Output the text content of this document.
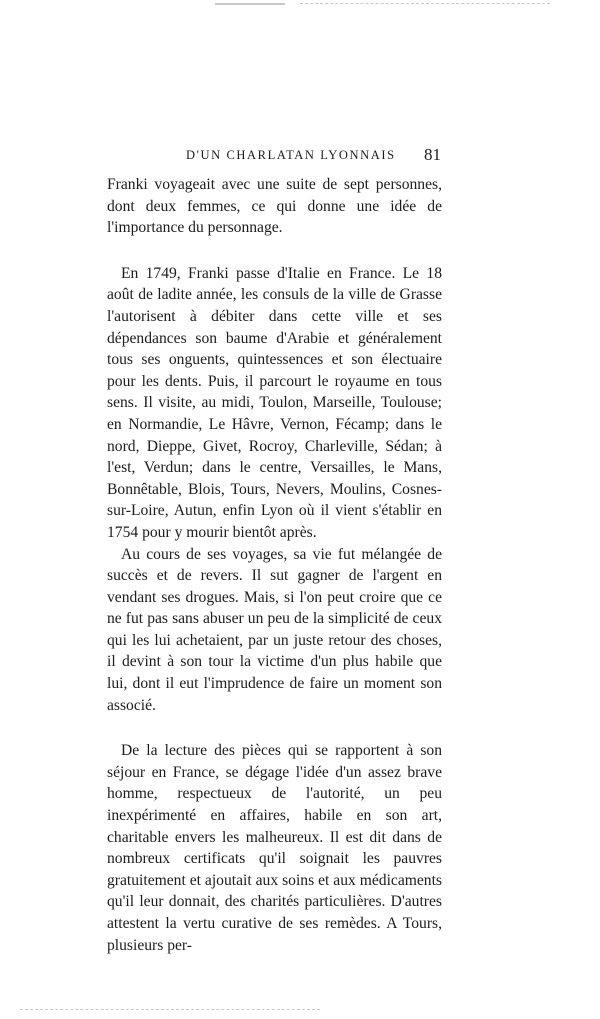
D'UN CHARLATAN LYONNAIS 81

Franki voyageait avec une suite de sept personnes, dont deux femmes, ce qui donne une idée de l'importance du personnage.

En 1749, Franki passe d'Italie en France. Le 18 août de ladite année, les consuls de la ville de Grasse l'autorisent à débiter dans cette ville et ses dépendances son baume d'Arabie et généralement tous ses onguents, quintessences et son électuaire pour les dents. Puis, il parcourt le royaume en tous sens. Il visite, au midi, Toulon, Marseille, Toulouse; en Normandie, Le Hâvre, Vernon, Fécamp; dans le nord, Dieppe, Givet, Rocroy, Charleville, Sédan; à l'est, Verdun; dans le centre, Versailles, le Mans, Bonnêtable, Blois, Tours, Nevers, Moulins, Cosnes-sur-Loire, Autun, enfin Lyon où il vient s'établir en 1754 pour y mourir bientôt après.

Au cours de ses voyages, sa vie fut mélangée de succès et de revers. Il sut gagner de l'argent en vendant ses drogues. Mais, si l'on peut croire que ce ne fut pas sans abuser un peu de la simplicité de ceux qui les lui achetaient, par un juste retour des choses, il devint à son tour la victime d'un plus habile que lui, dont il eut l'imprudence de faire un moment son associé.

De la lecture des pièces qui se rapportent à son séjour en France, se dégage l'idée d'un assez brave homme, respectueux de l'autorité, un peu inexpérimenté en affaires, habile en son art, charitable envers les malheureux. Il est dit dans de nombreux certificats qu'il soignait les pauvres gratuitement et ajoutait aux soins et aux médicaments qu'il leur donnait, des charités particulières. D'autres attestent la vertu curative de ses remèdes. A Tours, plusieurs per-
